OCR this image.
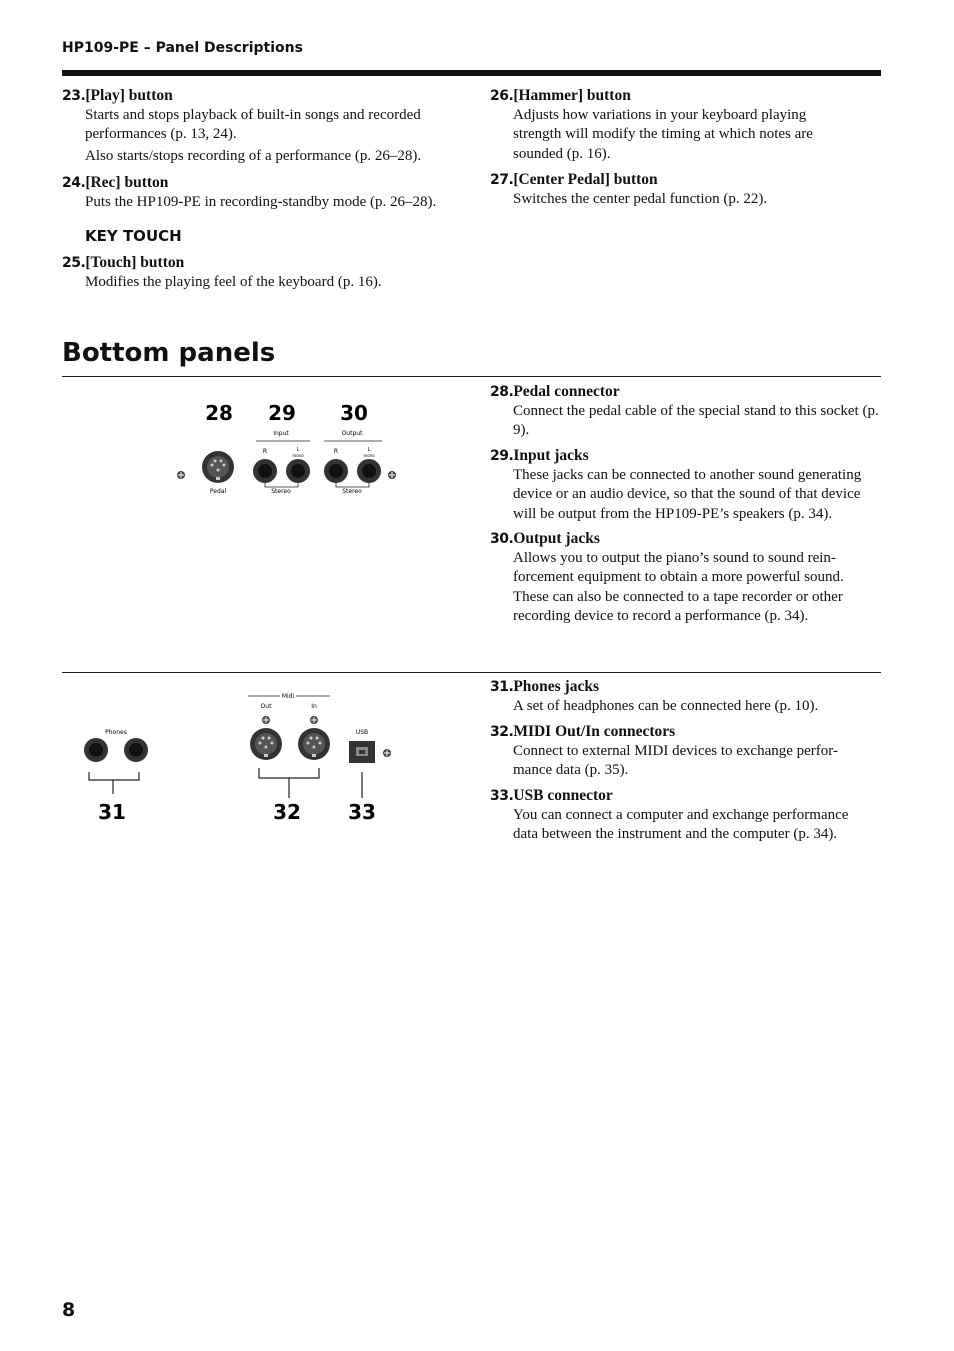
HP109-PE – Panel Descriptions
23.[Play] button

Starts and stops playback of built-in songs and recorded performances (p. 13, 24).

Also starts/stops recording of a performance (p. 26–28).

24.[Rec] button

Puts the HP109-PE in recording-standby mode (p. 26–28).

KEY TOUCH
25.[Touch] button

Modifies the playing feel of the keyboard (p. 16).

26.[Hammer] button

Adjusts how variations in your keyboard playing strength will modify the timing at which notes are sounded (p. 16).

27.[Center Pedal] button

Switches the center pedal function (p. 22).

Bottom panels
28 29 30
Input	Output
R	L
mono
R	L
mono
Pedal	Stereo	Stereo
28.Pedal connector

Connect the pedal cable of the special stand to this socket (p. 9).

29.Input jacks

These jacks can be connected to another sound generating device or an audio device, so that the sound of that device will be output from the HP109-PE’s speakers (p. 34).

30.Output jacks

Allows you to output the piano’s sound to sound rein-forcement equipment to obtain a more powerful sound. These can also be connected to a tape recorder or other recording device to record a performance (p. 34).

Phones
31
Midi
Out	In
32
USB
33
31.Phones jacks

A set of headphones can be connected here (p. 10).

32.MIDI Out/In connectors

Connect to external MIDI devices to exchange perfor-mance data (p. 35).

33.USB connector

You can connect a computer and exchange performance data between the instrument and the computer (p. 34).

8
